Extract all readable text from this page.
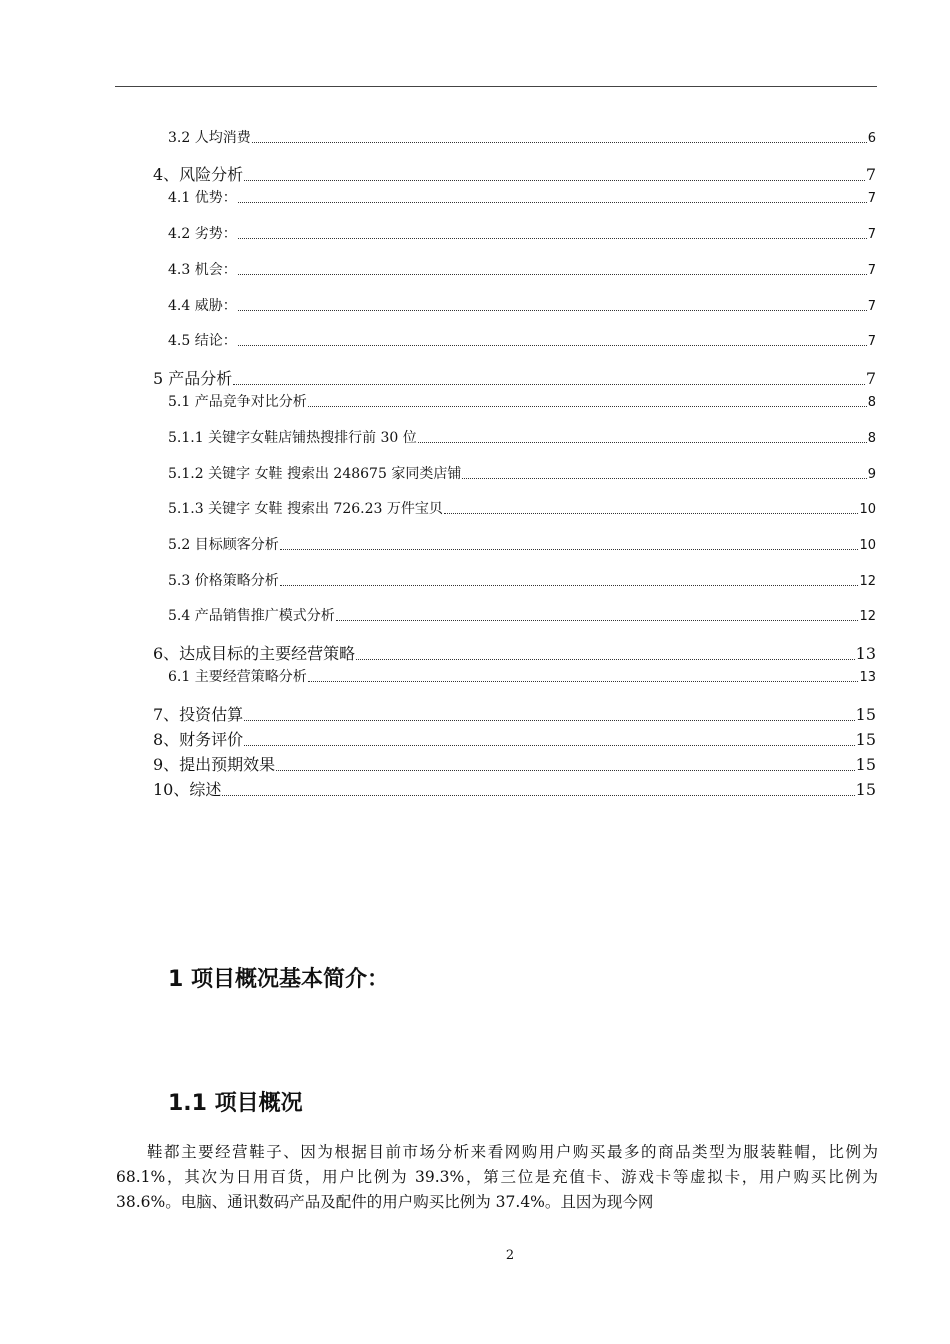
3.2 人均消费	6
4、风险分析	7
4.1 优势：	7
4.2 劣势：	7
4.3 机会：	7
4.4 威胁：	7
4.5 结论：	7
5 产品分析	7
5.1 产品竞争对比分析	8
5.1.1 关键字女鞋店铺热搜排行前 30 位	8
5.1.2 关键字 女鞋 搜索出 248675 家同类店铺	9
5.1.3 关键字 女鞋 搜索出 726.23 万件宝贝	10
5.2 目标顾客分析	10
5.3 价格策略分析	12
5.4 产品销售推广模式分析	12
6、达成目标的主要经营策略	13
6.1 主要经营策略分析	13
7、投资估算	15
8、财务评价	15
9、提出预期效果	15
10、综述	15
1 项目概况基本简介：
1.1 项目概况
鞋都主要经营鞋子、因为根据目前市场分析来看网购用户购买最多的商品类型为服装鞋帽，比例为 68.1%，其次为日用百货，用户比例为 39.3%，第三位是充值卡、游戏卡等虚拟卡，用户购买比例为 38.6%。电脑、通讯数码产品及配件的用户购买比例为 37.4%。且因为现今网
2
